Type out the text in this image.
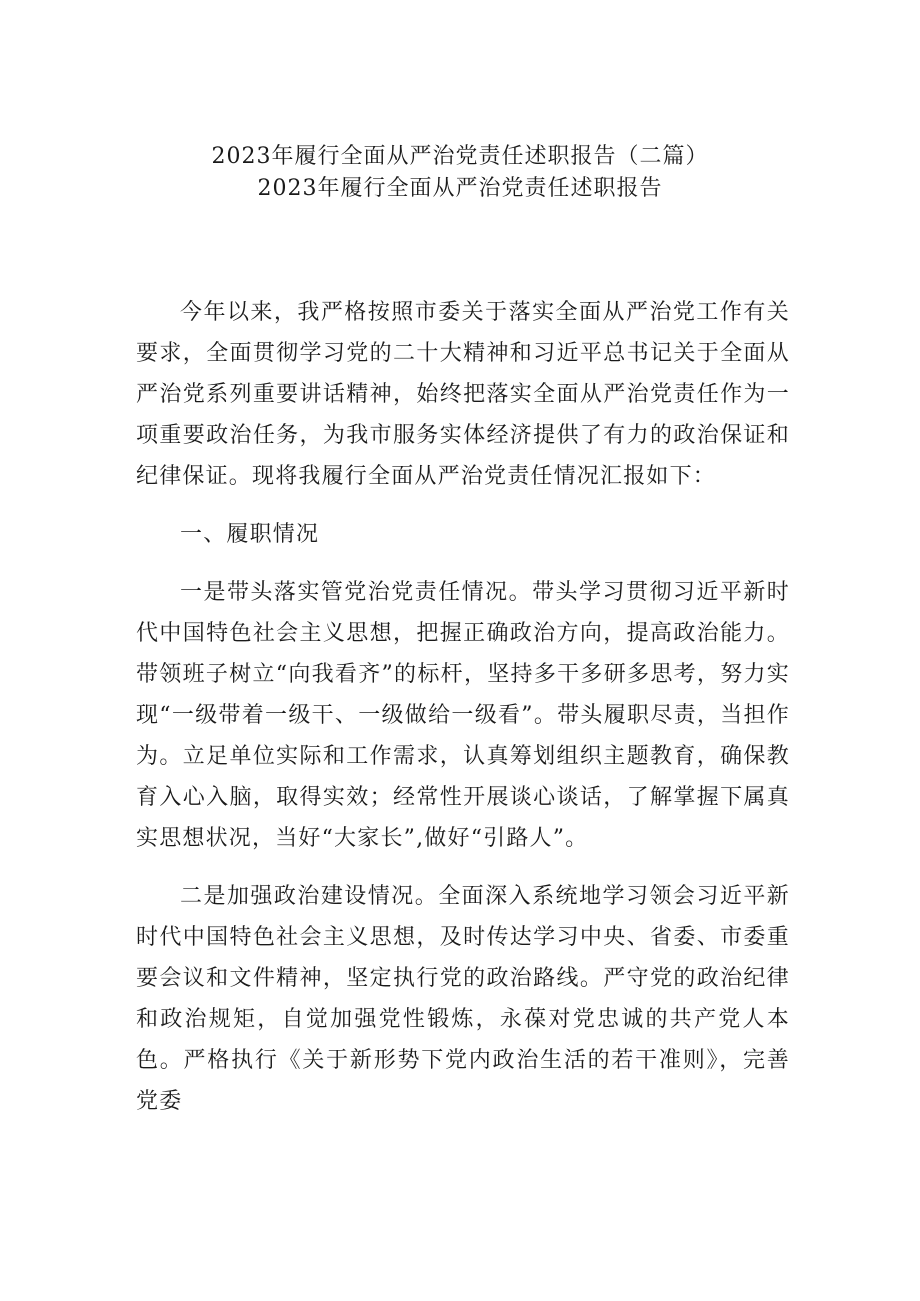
2023年履行全面从严治党责任述职报告（二篇）
2023年履行全面从严治党责任述职报告

今年以来，我严格按照市委关于落实全面从严治党工作有关要求，全面贯彻学习党的二十大精神和习近平总书记关于全面从严治党系列重要讲话精神，始终把落实全面从严治党责任作为一项重要政治任务，为我市服务实体经济提供了有力的政治保证和纪律保证。现将我履行全面从严治党责任情况汇报如下：

一、履职情况

一是带头落实管党治党责任情况。带头学习贯彻习近平新时代中国特色社会主义思想，把握正确政治方向，提高政治能力。带领班子树立“向我看齐”的标杆，坚持多干多研多思考，努力实现“一级带着一级干、一级做给一级看”。带头履职尽责，当担作为。立足单位实际和工作需求，认真筹划组织主题教育，确保教育入心入脑，取得实效；经常性开展谈心谈话，了解掌握下属真实思想状况，当好“大家长”,做好“引路人”。

二是加强政治建设情况。全面深入系统地学习领会习近平新时代中国特色社会主义思想，及时传达学习中央、省委、市委重要会议和文件精神，坚定执行党的政治路线。严守党的政治纪律和政治规矩，自觉加强党性锻炼，永葆对党忠诚的共产党人本色。严格执行《关于新形势下党内政治生活的若干准则》，完善党委
